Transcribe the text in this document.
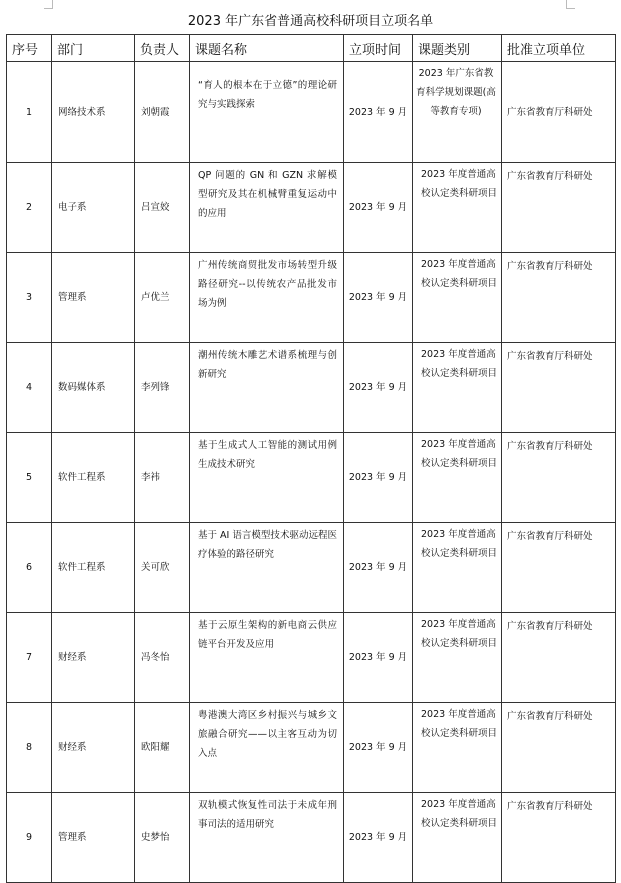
2023 年广东省普通高校科研项目立项名单
序号	部门	负责人	课题名称	立项时间	课题类别	批准立项单位
1	网络技术系	刘朝霞	“育人的根本在于立德”的理论研究与实践探索	2023 年 9 月	2023 年广东省教育科学规划课题(高等教育专项)	广东省教育厅科研处
2	电子系	吕宣姣	QP 问题的 GN 和 GZN 求解模型研究及其在机械臂重复运动中的应用	2023 年 9 月	2023 年度普通高校认定类科研项目	广东省教育厅科研处
3	管理系	卢优兰	广州传统商贸批发市场转型升级路径研究--以传统农产品批发市场为例	2023 年 9 月	2023 年度普通高校认定类科研项目	广东省教育厅科研处
4	数码媒体系	李列锋	潮州传统木雕艺术谱系梳理与创新研究	2023 年 9 月	2023 年度普通高校认定类科研项目	广东省教育厅科研处
5	软件工程系	李祎	基于生成式人工智能的测试用例生成技术研究	2023 年 9 月	2023 年度普通高校认定类科研项目	广东省教育厅科研处
6	软件工程系	关可欣	基于 AI 语言模型技术驱动远程医疗体验的路径研究	2023 年 9 月	2023 年度普通高校认定类科研项目	广东省教育厅科研处
7	财经系	冯冬怡	基于云原生架构的新电商云供应链平台开发及应用	2023 年 9 月	2023 年度普通高校认定类科研项目	广东省教育厅科研处
8	财经系	欧阳耀	粤港澳大湾区乡村振兴与城乡文旅融合研究——以主客互动为切入点	2023 年 9 月	2023 年度普通高校认定类科研项目	广东省教育厅科研处
9	管理系	史梦怡	双轨模式恢复性司法于未成年刑事司法的适用研究	2023 年 9 月	2023 年度普通高校认定类科研项目	广东省教育厅科研处
